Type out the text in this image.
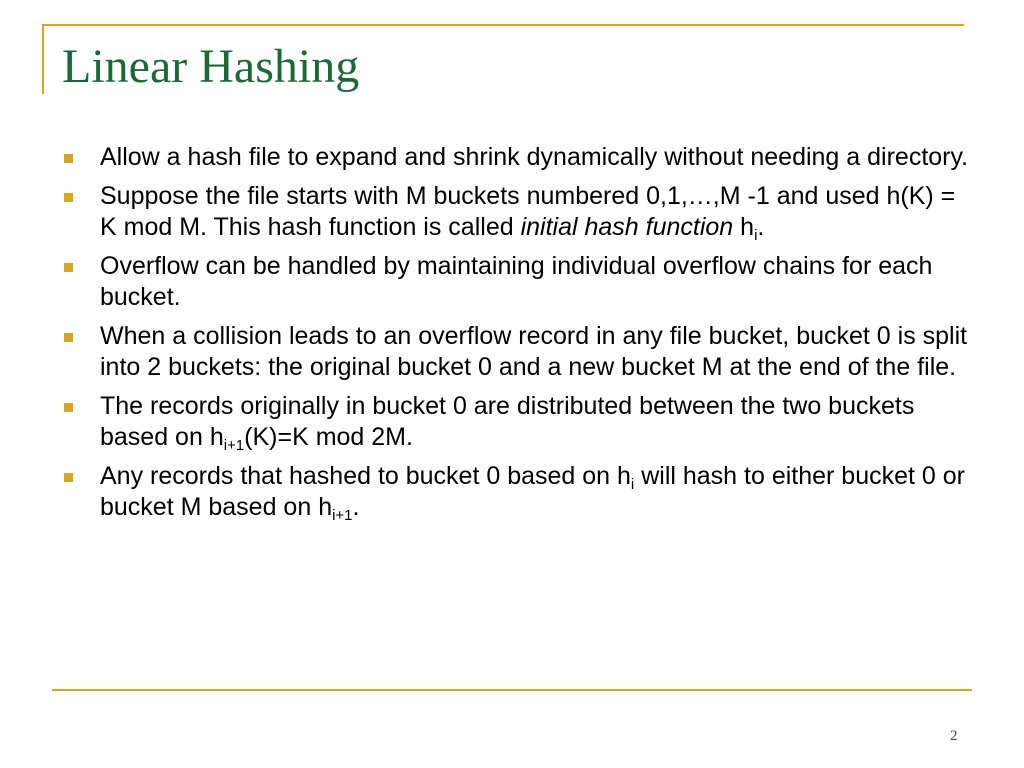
Linear Hashing
Allow a hash file to expand and shrink dynamically without needing a directory.
Suppose the file starts with M buckets numbered 0,1,…,M -1 and used h(K) = K mod M. This hash function is called initial hash function $h_i$.
Overflow can be handled by maintaining individual overflow chains for each bucket.
When a collision leads to an overflow record in any file bucket, bucket 0 is split into 2 buckets: the original bucket 0 and a new bucket M at the end of the file.
The records originally in bucket 0 are distributed between the two buckets based on $h_{i+1}(K)=K$ mod 2M.
Any records that hashed to bucket 0 based on $h_i$ will hash to either bucket 0 or bucket M based on $h_{i+1}$.
2
